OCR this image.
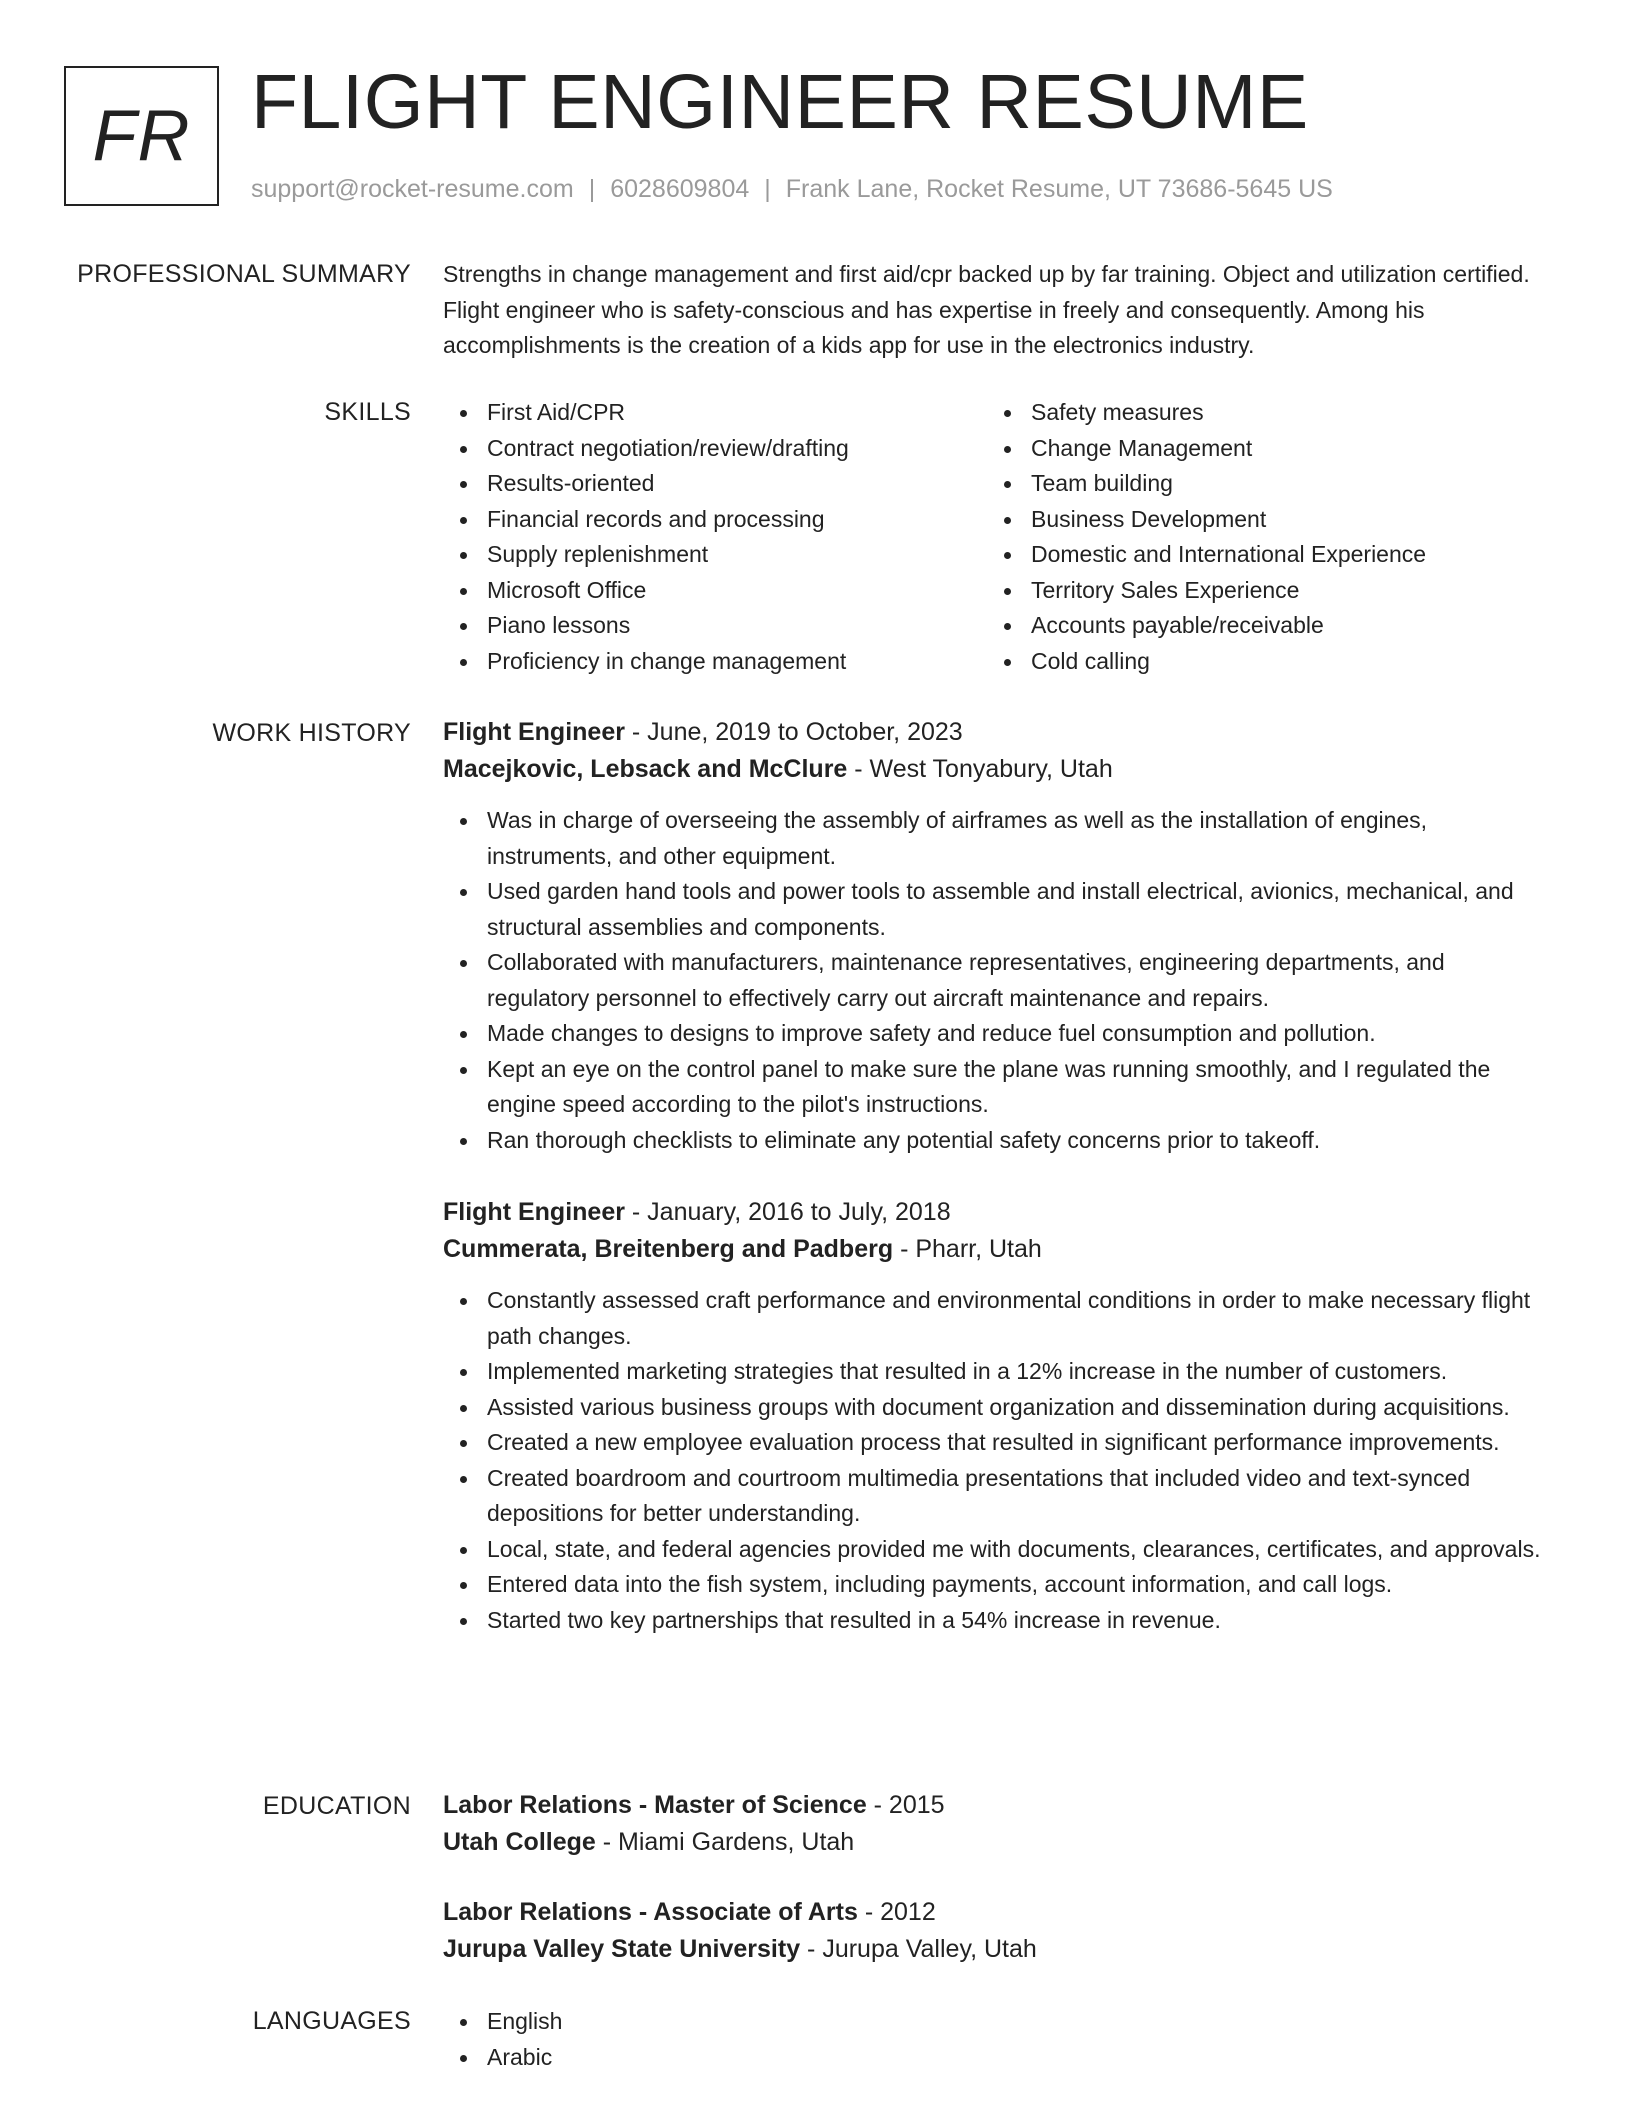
FR FLIGHT ENGINEER RESUME
support@rocket-resume.com | 6028609804 | Frank Lane, Rocket Resume, UT 73686-5645 US
PROFESSIONAL SUMMARY Strengths in change management and first aid/cpr backed up by far training. Object and utilization certified. Flight engineer who is safety-conscious and has expertise in freely and consequently. Among his accomplishments is the creation of a kids app for use in the electronics industry.

SKILLS	First Aid/CPR
Contract negotiation/review/drafting
Results-oriented
Financial records and processing
Supply replenishment
Microsoft Office
Piano lessons
Proficiency in change management
Safety measures
Change Management
Team building
Business Development
Domestic and International Experience
Territory Sales Experience
Accounts payable/receivable
Cold calling
WORK HISTORY Flight Engineer - June, 2019 to October, 2023
Macejkovic, Lebsack and McClure - West Tonyabury, Utah
Was in charge of overseeing the assembly of airframes as well as the installation of engines, instruments, and other equipment.
Used garden hand tools and power tools to assemble and install electrical, avionics, mechanical, and structural assemblies and components.
Collaborated with manufacturers, maintenance representatives, engineering departments, and regulatory personnel to effectively carry out aircraft maintenance and repairs.
Made changes to designs to improve safety and reduce fuel consumption and pollution.
Kept an eye on the control panel to make sure the plane was running smoothly, and I regulated the engine speed according to the pilot's instructions.
Ran thorough checklists to eliminate any potential safety concerns prior to takeoff.
Flight Engineer - January, 2016 to July, 2018
Cummerata, Breitenberg and Padberg - Pharr, Utah
Constantly assessed craft performance and environmental conditions in order to make necessary flight path changes.
Implemented marketing strategies that resulted in a 12% increase in the number of customers.
Assisted various business groups with document organization and dissemination during acquisitions.
Created a new employee evaluation process that resulted in significant performance improvements.
Created boardroom and courtroom multimedia presentations that included video and text-synced depositions for better understanding.
Local, state, and federal agencies provided me with documents, clearances, certificates, and approvals.
Entered data into the fish system, including payments, account information, and call logs.
Started two key partnerships that resulted in a 54% increase in revenue.
EDUCATION Labor Relations - Master of Science - 2015
Utah College - Miami Gardens, Utah
Labor Relations - Associate of Arts - 2012
Jurupa Valley State University - Jurupa Valley, Utah
LANGUAGES	English
Arabic
